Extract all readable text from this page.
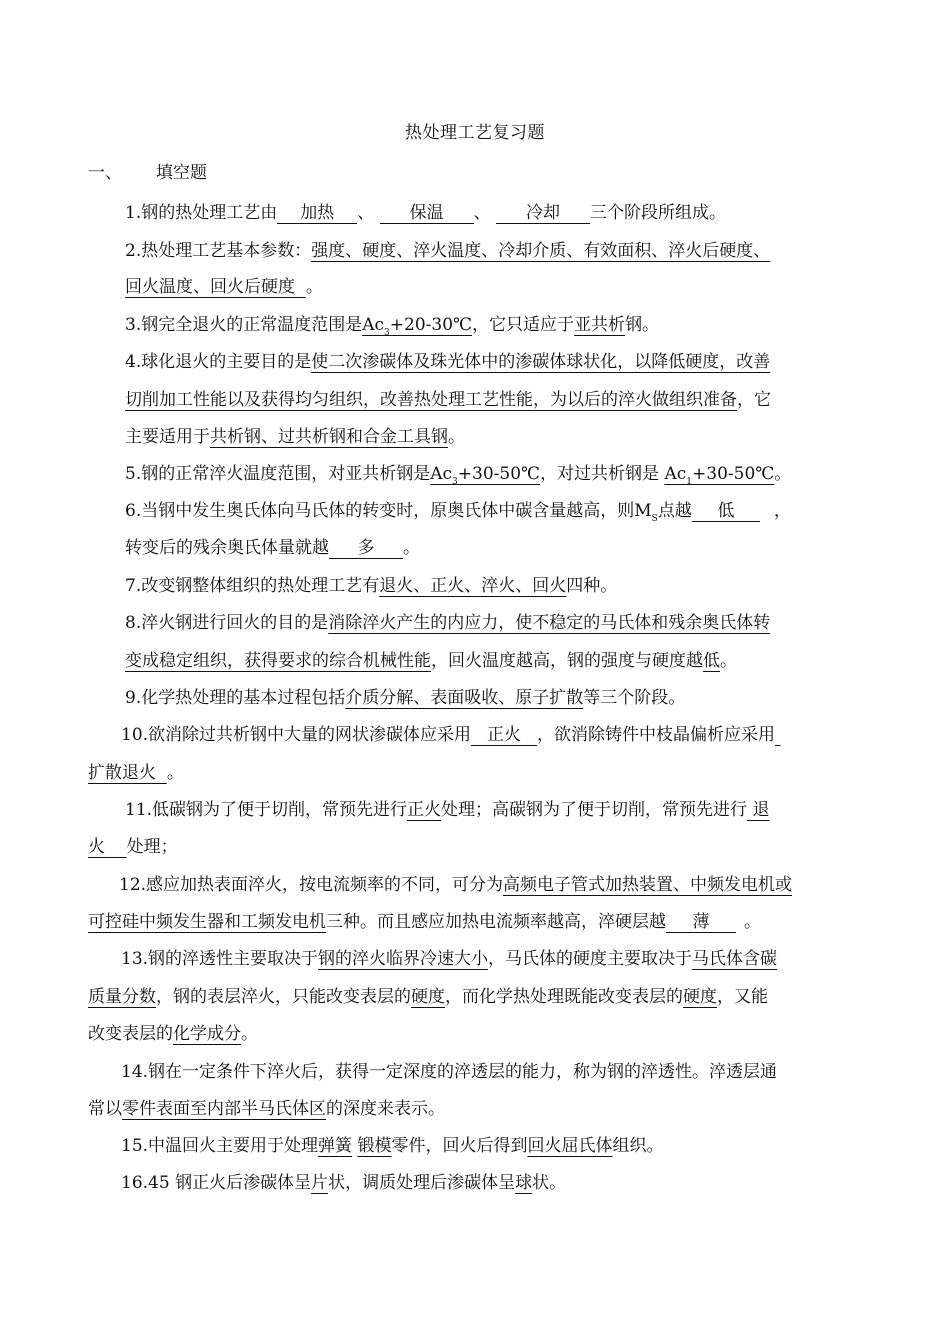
热处理工艺复习题
一、 填空题
1.钢的热处理工艺由 加热 、 保温 、 冷却 三个阶段所组成。
2.热处理工艺基本参数：强度、硬度、淬火温度、冷却介质、有效面积、淬火后硬度、
回火温度、回火后硬度 。
3.钢完全退火的正常温度范围是$Ac_3+20-30℃$，它只适应于亚共析钢。
4.球化退火的主要目的是使二次渗碳体及珠光体中的渗碳体球状化，以降低硬度，改善
切削加工性能以及获得均匀组织，改善热处理工艺性能，为以后的淬火做组织准备，它
主要适用于共析钢、过共析钢和合金工具钢。
5.钢的正常淬火温度范围，对亚共析钢是$Ac_3+30-50℃$，对过共析钢是 $Ac_1+30-50℃$。
6.当钢中发生奥氏体向马氏体的转变时，原奥氏体中碳含量越高，则$M_S$点越 低 ，
转变后的残余奥氏体量就越 多 。
7.改变钢整体组织的热处理工艺有退火、正火、淬火、回火四种。
8.淬火钢进行回火的目的是消除淬火产生的内应力，使不稳定的马氏体和残余奥氏体转
变成稳定组织，获得要求的综合机械性能，回火温度越高，钢的强度与硬度越低。
9.化学热处理的基本过程包括介质分解、表面吸收、原子扩散等三个阶段。
10.欲消除过共析钢中大量的网状渗碳体应采用 正火 ，欲消除铸件中枝晶偏析应采用
扩散退火 。
11.低碳钢为了便于切削，常预先进行正火处理；高碳钢为了便于切削，常预先进行 退
火 处理；
12.感应加热表面淬火，按电流频率的不同，可分为高频电子管式加热装置、中频发电机或
可控硅中频发生器和工频发电机三种。而且感应加热电流频率越高，淬硬层越 薄 。
13.钢的淬透性主要取决于钢的淬火临界冷速大小，马氏体的硬度主要取决于马氏体含碳
质量分数，钢的表层淬火，只能改变表层的硬度，而化学热处理既能改变表层的硬度，又能
改变表层的化学成分。
14.钢在一定条件下淬火后，获得一定深度的淬透层的能力，称为钢的淬透性。淬透层通
常以零件表面至内部半马氏体区的深度来表示。
15.中温回火主要用于处理弹簧 锻模零件，回火后得到回火屈氏体组织。
16.45 钢正火后渗碳体呈片状，调质处理后渗碳体呈球状。
